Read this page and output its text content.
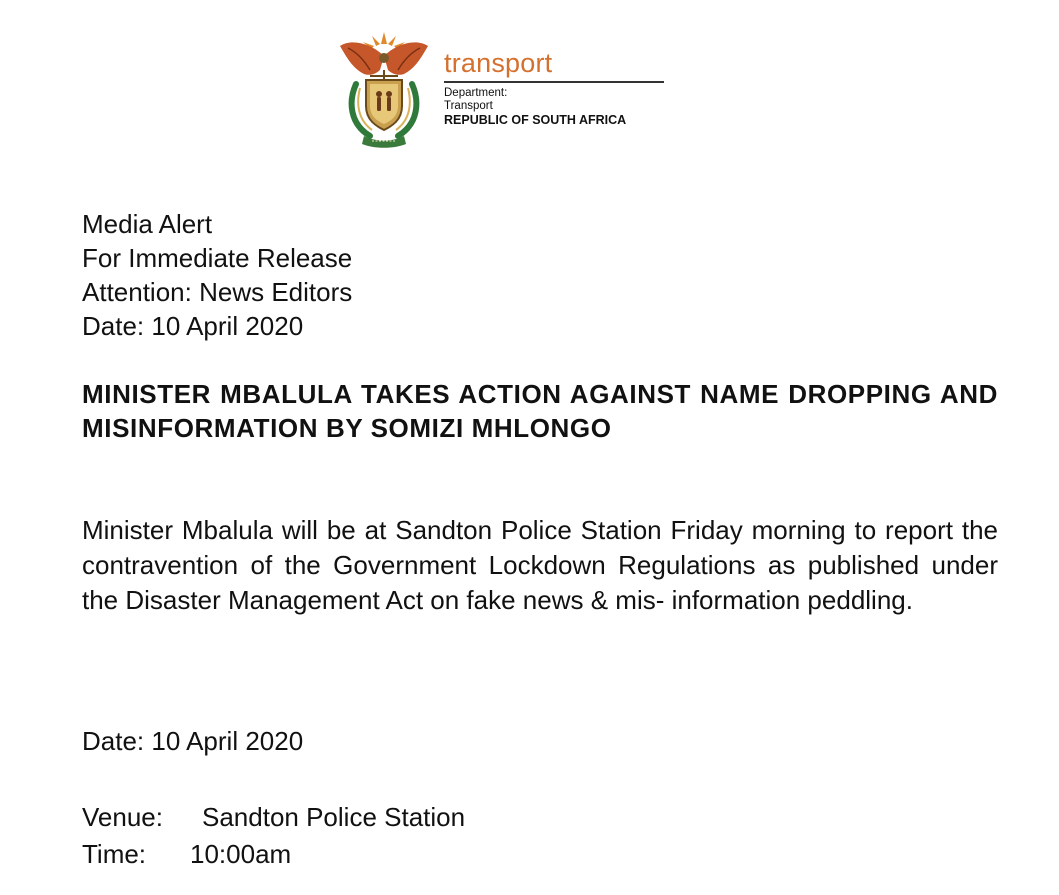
transport
Department:
Transport
REPUBLIC OF SOUTH AFRICA
Media Alert
For Immediate Release
Attention: News Editors
Date: 10 April 2020
MINISTER MBALULA TAKES ACTION AGAINST NAME DROPPING AND MISINFORMATION BY SOMIZI MHLONGO
Minister Mbalula will be at Sandton Police Station Friday morning to report the contravention of the Government Lockdown Regulations as published under the Disaster Management Act on fake news & mis- information peddling.
Date: 10 April 2020
Venue: Sandton Police Station
Time: 10:00am
